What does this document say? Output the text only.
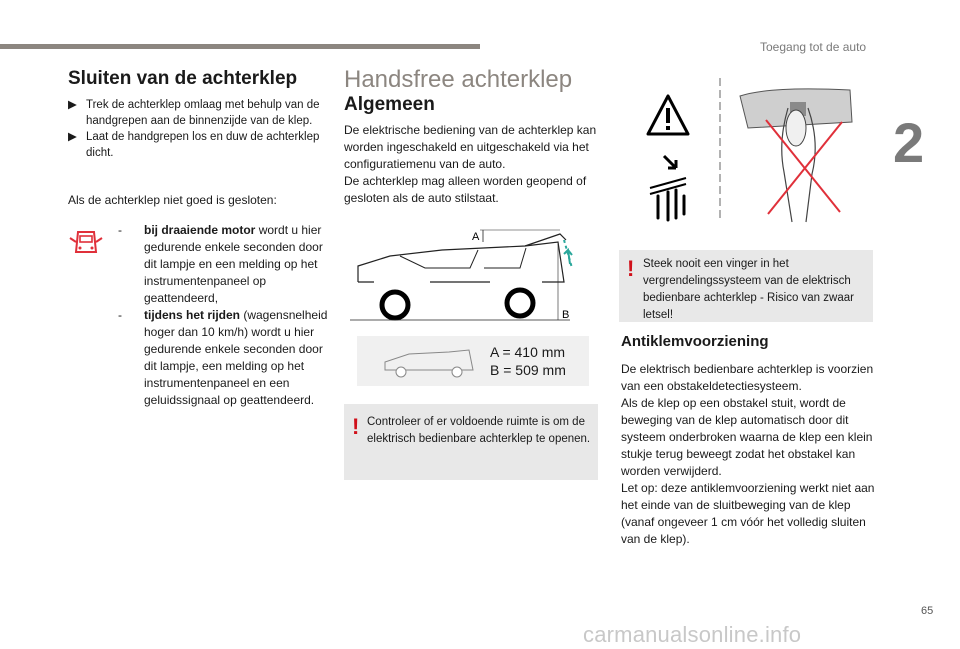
Toegang tot de auto
2
Sluiten van de achterklep
▶ Trek de achterklep omlaag met behulp van de handgrepen aan de binnenzijde van de klep.
▶ Laat de handgrepen los en duw de achterklep dicht.
Als de achterklep niet goed is gesloten:
- bij draaiende motor wordt u hier gedurende enkele seconden door dit lampje en een melding op het instrumentenpaneel op geattendeerd,
- tijdens het rijden (wagensnelheid hoger dan 10 km/h) wordt u hier gedurende enkele seconden door dit lampje, een melding op het instrumentenpaneel en een geluidssignaal op geattendeerd.
Handsfree achterklep
Algemeen
De elektrische bediening van de achterklep kan worden ingeschakeld en uitgeschakeld via het configuratiemenu van de auto.
De achterklep mag alleen worden geopend of gesloten als de auto stilstaat.
A
B
A = 410 mm
B = 509 mm
! Controleer of er voldoende ruimte is om de elektrisch bedienbare achterklep te openen.
! Steek nooit een vinger in het vergrendelingssysteem van de elektrisch bedienbare achterklep - Risico van zwaar letsel!
Antiklemvoorziening
De elektrisch bedienbare achterklep is voorzien van een obstakeldetectiesysteem.
Als de klep op een obstakel stuit, wordt de beweging van de klep automatisch door dit systeem onderbroken waarna de klep een klein stukje terug beweegt zodat het obstakel kan worden verwijderd.
Let op: deze antiklemvoorziening werkt niet aan het einde van de sluitbeweging van de klep (vanaf ongeveer 1 cm vóór het volledig sluiten van de klep).
65
carmanualsonline.info
